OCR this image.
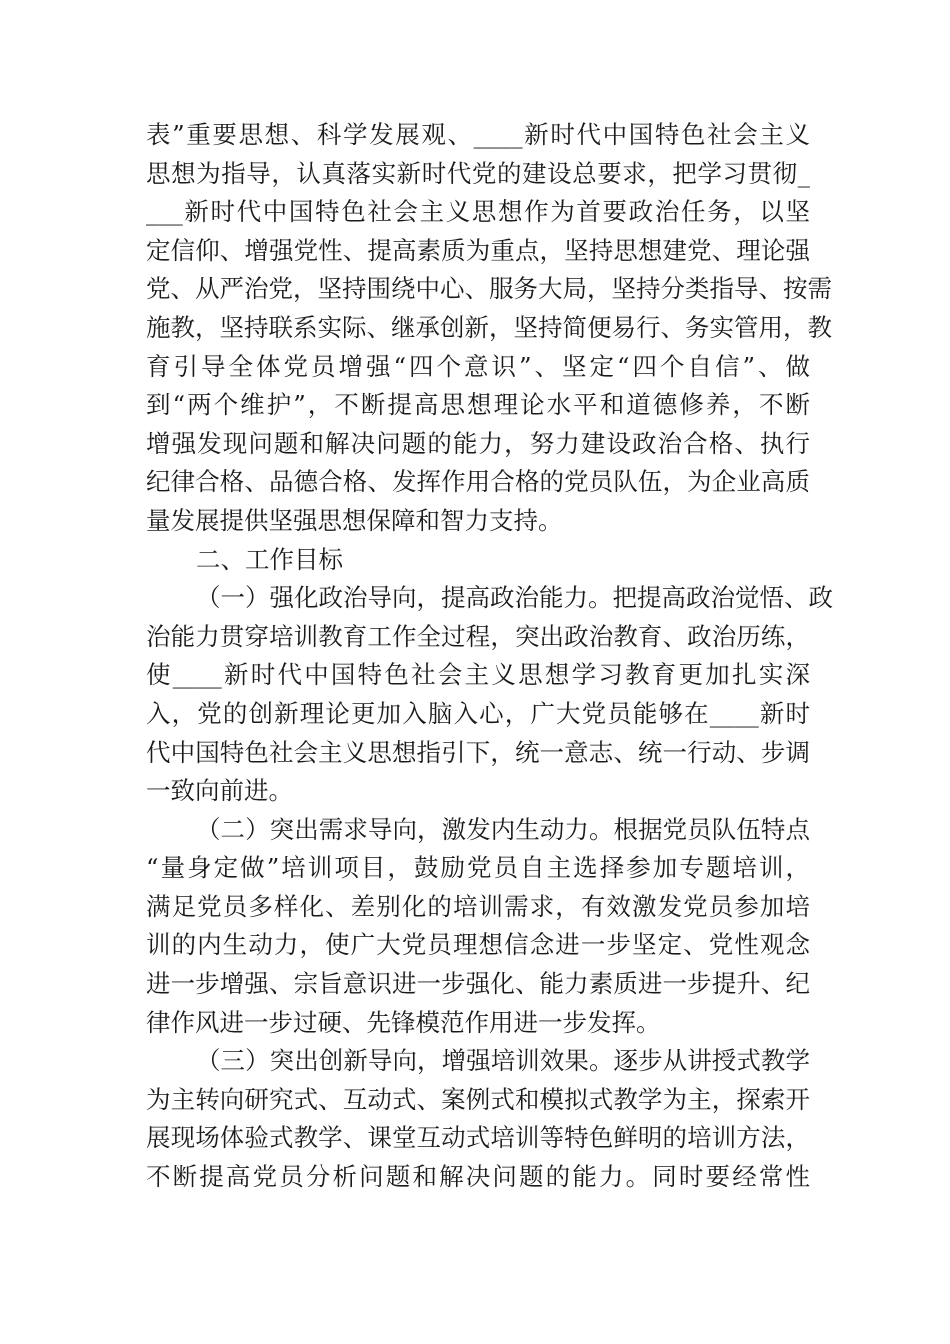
表”重要思想、科学发展观、____新时代中国特色社会主义
思想为指导，认真落实新时代党的建设总要求，把学习贯彻_
___新时代中国特色社会主义思想作为首要政治任务，以坚
定信仰、增强党性、提高素质为重点，坚持思想建党、理论强
党、从严治党，坚持围绕中心、服务大局，坚持分类指导、按需
施教，坚持联系实际、继承创新，坚持简便易行、务实管用，教
育引导全体党员增强“四个意识”、坚定“四个自信”、做
到“两个维护”，不断提高思想理论水平和道德修养，不断
增强发现问题和解决问题的能力，努力建设政治合格、执行
纪律合格、品德合格、发挥作用合格的党员队伍，为企业高质
量发展提供坚强思想保障和智力支持。
二、工作目标
（一）强化政治导向，提高政治能力。把提高政治觉悟、政
治能力贯穿培训教育工作全过程，突出政治教育、政治历练，
使____新时代中国特色社会主义思想学习教育更加扎实深
入，党的创新理论更加入脑入心，广大党员能够在____新时
代中国特色社会主义思想指引下，统一意志、统一行动、步调
一致向前进。
（二）突出需求导向，激发内生动力。根据党员队伍特点
“量身定做”培训项目，鼓励党员自主选择参加专题培训，
满足党员多样化、差别化的培训需求，有效激发党员参加培
训的内生动力，使广大党员理想信念进一步坚定、党性观念
进一步增强、宗旨意识进一步强化、能力素质进一步提升、纪
律作风进一步过硬、先锋模范作用进一步发挥。
（三）突出创新导向，增强培训效果。逐步从讲授式教学
为主转向研究式、互动式、案例式和模拟式教学为主，探索开
展现场体验式教学、课堂互动式培训等特色鲜明的培训方法，
不断提高党员分析问题和解决问题的能力。同时要经常性
